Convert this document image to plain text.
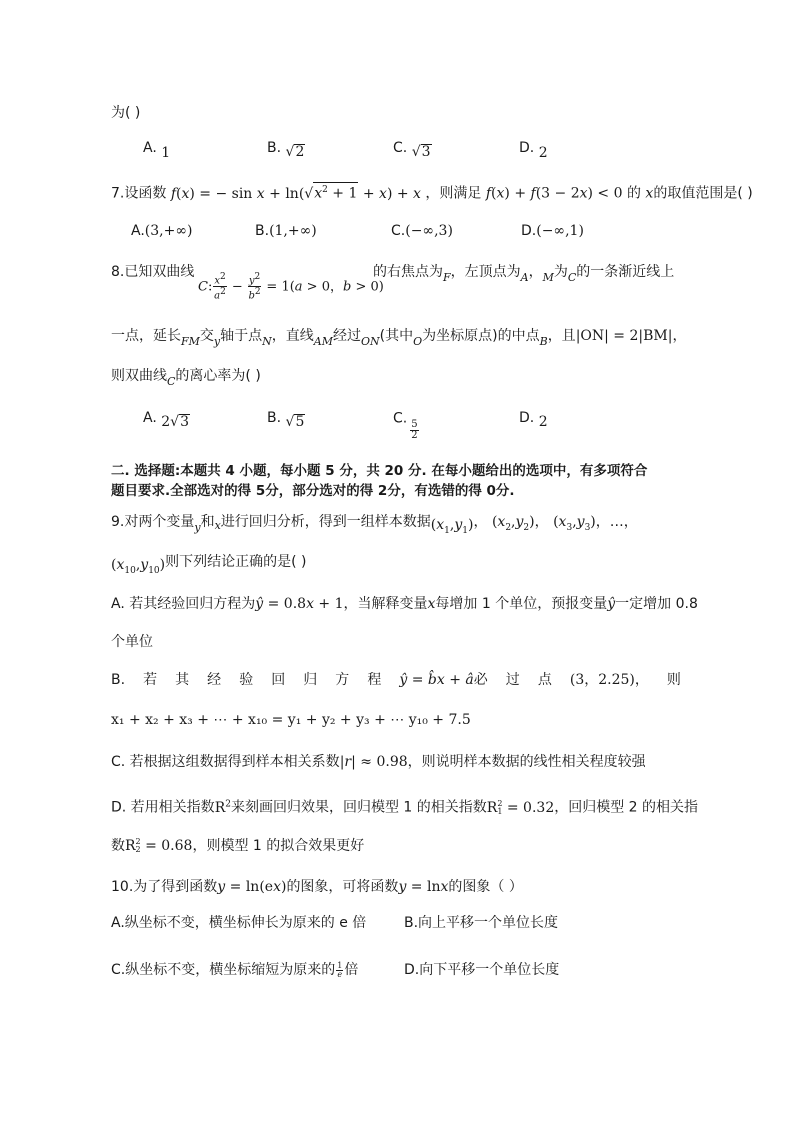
为( )
A. 1	B. √2	C. √3	D. 2
7.设函数 f(x) = − $\sin x + \ln(√x^2 + 1 + x) + x$ ，则满足 f(x) + f(3 − 2x) < 0 的 x的取值范围是( )
A.(3,+∞)	B.(1,+∞)	C.(−∞,3)	D.(−∞,1)
8.已知双曲线
C: $\frac{x2}{a2} - \frac{y2}{b2} = 1(a > 0$，b > 0)
的右焦点为$_F$，左顶点为$_A$，$_M$为$_C$的一条渐近线上
一点，延长$_{FM}$交$_y$轴于点$_N$，直线$_{AM}$经过$_{ON}$(其中$_O$为坐标原点)的中点$_B$，且|ON| = 2|BM|，
则双曲线$_C$的离心率为( )
A. 2√3	B. √5	C.
$\frac{5}{2}$
D. 2
二. 选择题:本题共 4 小题，每小题 5 分，共 20 分. 在每小题给出的选项中，有多项符合
题目要求.全部选对的得 5分，部分选对的得 2分，有选错的得 0分.
9.对两个变量$_y$和$_x$进行回归分析，得到一组样本数据$(x_1,y_1)$， $(x_2,y_2)$， $(x_3,y_3)$，…，
$(x_{10},y_{10})$则下列结论正确的是( )
A. 若其经验回归方程为ŷ = 0.8x + 1，当解释变量x每增加 1 个单位，预报变量ŷ一定增加 0.8
个单位
B. 若 其 经 验 回 归 方 程 ŷ = b̂x + â必 过 点 (3，2.25)， 则
x₁ + x₂ + x₃ + ⋯ + x₁₀ = y₁ + y₂ + y₃ + ⋯ y₁₀ + 7.5
C. 若根据这组数据得到样本相关系数|r| ≈ 0.98，则说明样本数据的线性相关程度较强
D. 若用相关指数$R^2$来刻画回归效果，回归模型 1 的相关指数R 2
1 = 0.32，回归模型 2 的相关指
数R 2
2 = 0.68，则模型 1 的拟合效果更好
10.为了得到函数y = ln(ex)的图象，可将函数y = lnx的图象（ ）
A.纵坐标不变，横坐标伸长为原来的 e 倍	B.向上平移一个单位长度
C.纵坐标不变，横坐标缩短为原来的 $\frac{1}{e}$ 倍	D.向下平移一个单位长度
